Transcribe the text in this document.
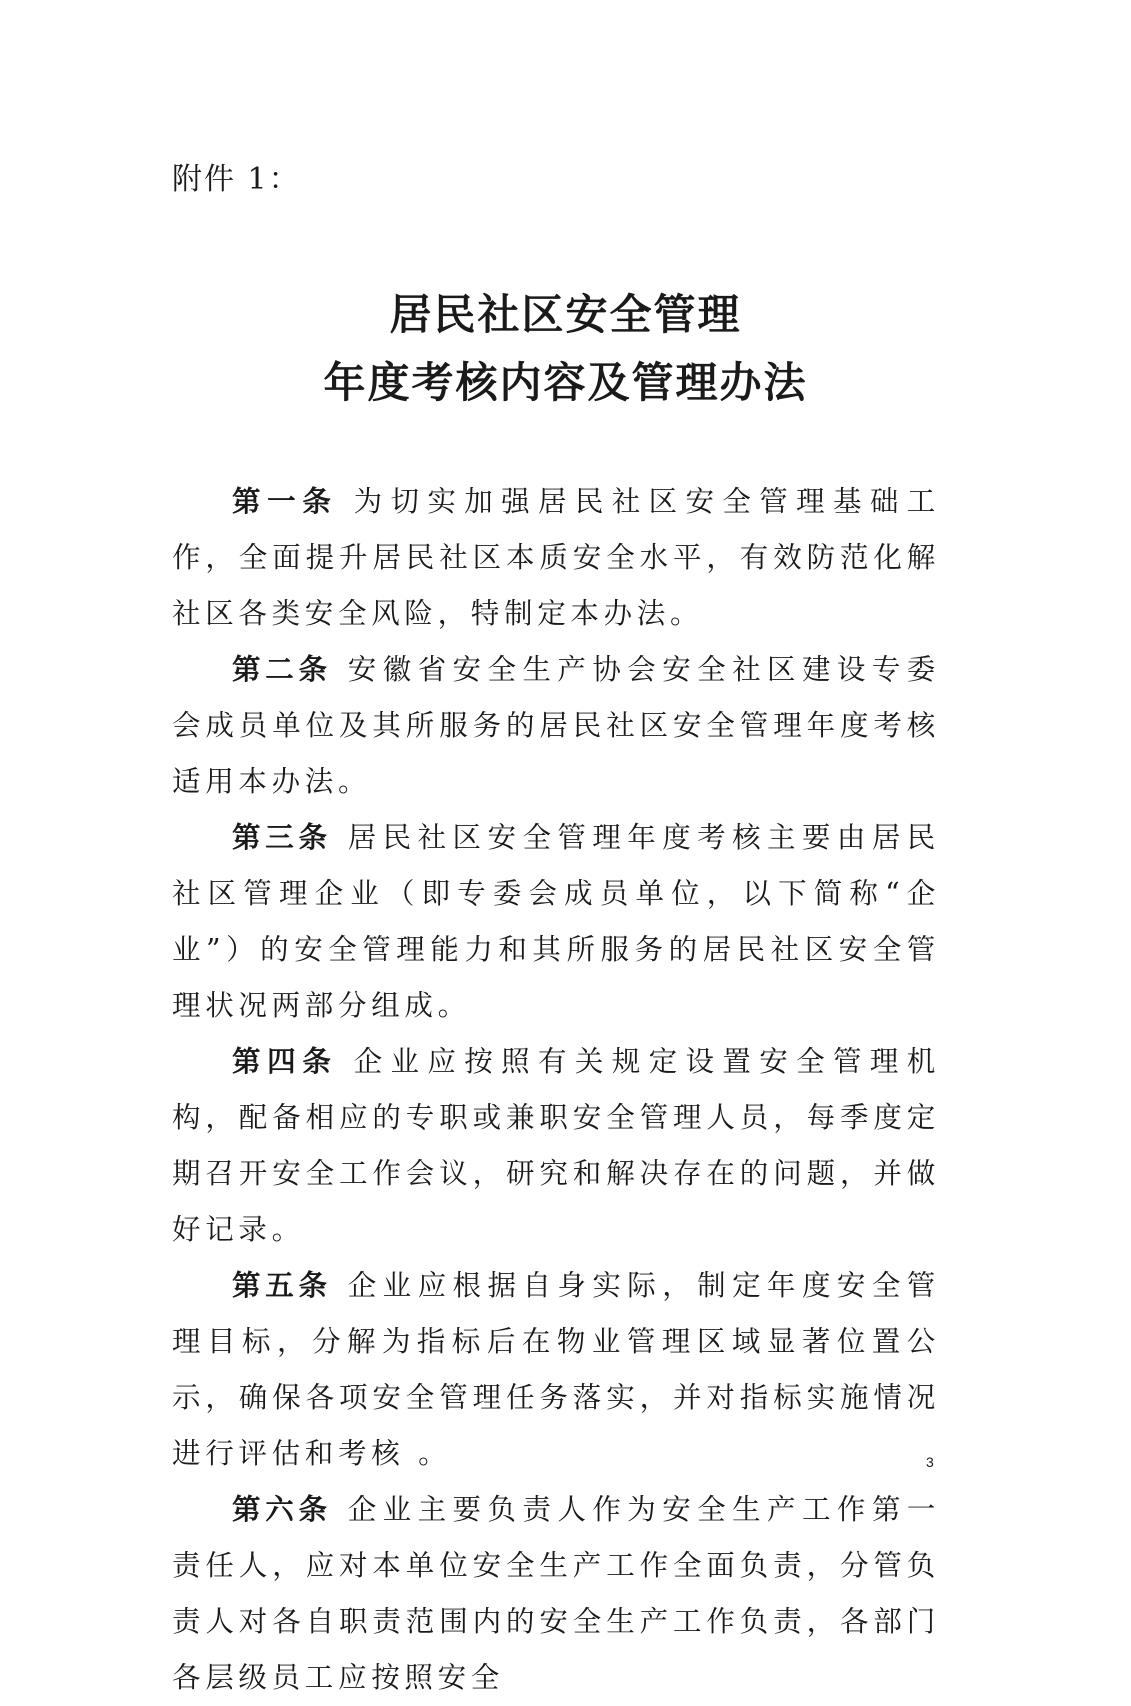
附件 1：
居民社区安全管理
年度考核内容及管理办法

第一条 为切实加强居民社区安全管理基础工作，全面提升居民社区本质安全水平，有效防范化解社区各类安全风险，特制定本办法。

第二条 安徽省安全生产协会安全社区建设专委会成员单位及其所服务的居民社区安全管理年度考核适用本办法。

第三条 居民社区安全管理年度考核主要由居民社区管理企业（即专委会成员单位，以下简称“企业”）的安全管理能力和其所服务的居民社区安全管理状况两部分组成。

第四条 企业应按照有关规定设置安全管理机构，配备相应的专职或兼职安全管理人员，每季度定期召开安全工作会议，研究和解决存在的问题，并做好记录。

第五条 企业应根据自身实际，制定年度安全管理目标，分解为指标后在物业管理区域显著位置公示，确保各项安全管理任务落实，并对指标实施情况进行评估和考核 。

第六条 企业主要负责人作为安全生产工作第一责任人，应对本单位安全生产工作全面负责，分管负责人对各自职责范围内的安全生产工作负责，各部门各层级员工应按照安全

3
